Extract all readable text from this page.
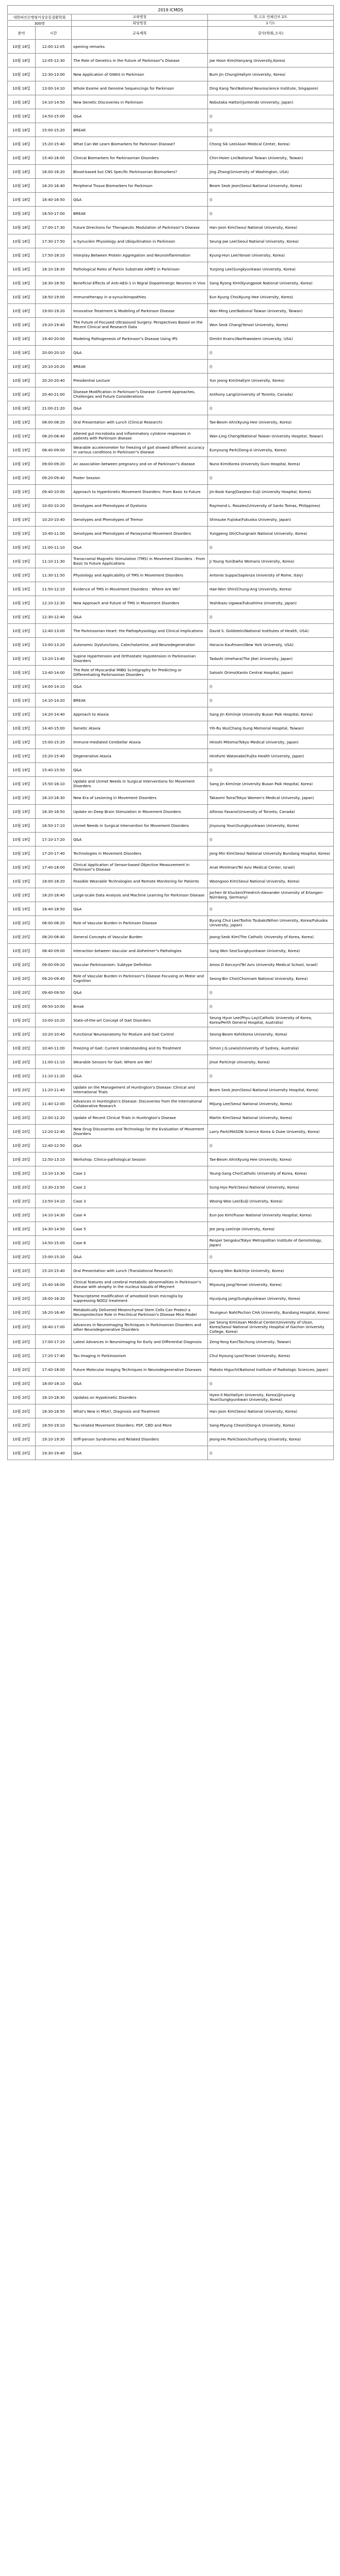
2019 ICMDS			
대한파킨슨병및이상운동질환학회		교육명칭	학.고요 연쇄건쓰 2트
300명		회당명칭	1기도
분야	시간	교육제목	강사(학회,소속)
10월 18일	12:00-12:05	opening remarks	
10월 18일	12:05-12:30	The Role of Genetics in the Future of Parkinson"s Disease	Jae Hoon Kim(Hanyang University,Korea)
10월 18일	12:30-13:00	New Application of GWAS in Parkinson	Bum Jin Chung(Hallym University, Korea)
10월 18일	13:00-14:10	Whole Exome and Genome Sequencings for Parkinson	Ding Kang Tan(National Neuroscience Institute, Singapore)
10월 18일	14:10-14:50	New Genetic Discoveries in Parkinson	Nobutaka Hattori(Juntendo University, Japan)
10월 18일	14:50-15:00	Q&A	()
10월 18일	15:00-15:20	BREAK	()
10월 18일	15:20-15:40	What Can We Learn Biomarkers for Parkinson Disease?	Chong Sik Lee(Asan Medical Center, Korea)
10월 18일	15:40-16:00	Clinical Biomarkers for Parkinsonian Disorders	Chin-Hsien Lin(National Taiwan University, Taiwan)
10월 18일	16:00-16:20	Blood-based but CNS Specific Parkinsonian Biomarkers?	Jing Zhang(University of Washington, USA)
10월 18일	16:20-16:40	Peripheral Tissue Biomarkers for Parkinson	Beom Seok Jeon(Seoul National University, Korea)
10월 18일	16:40-16:50	Q&A	()
10월 18일	16:50-17:00	BREAK	()
10월 18일	17:00-17:30	Future Directions for Therapeutic Modulation of Parkinson"s Disease	Han-Joon Kim(Seoul National University, Korea)
10월 18일	17:30-17:50	α-Synuclein Physiology and Ubiquitination in Parkinson	Seung-Jae Lee(Seoul National University, Korea)
10월 18일	17:50-18:10	Interplay Between Protein Aggregation and Neuroinflammation	Kyung-Hun Lee(Yonsei University, Korea)
10월 18일	18:10-18:30	Pathological Roles of Parkin Substrate AIMP2 in Parkinson	Yunjong Lee(Sungkyunkwan University, Korea)
10월 18일	18:30-18:50	Beneficial Effects of Anti-AEG-1 in Nigral Dopaminergic Neurons in Vivo	Sang Ryong Kim(Kyungpook National University, Korea)
10월 18일	18:50-19:00	Immunotherapy in α-synucleinopathies	Eun Kyung Cho(Kyung Hee University, Korea)
10월 18일	19:00-19:20	Innovative Treatment & Modeling of Parkinson Disease	Wan-Ming Lee(National Taiwan University, Taiwan)
10월 18일	19:20-19:40	The Future of Focused Ultrasound Surgery: Perspectives Based on the Recent Clinical and Research Data	Won Seok Chang(Yonsei University, Korea)
10월 18일	19:40-20:00	Modeling Pathogenesis of Parkinson"s Disease Using iPS	Dimitri Krainc(Northwestern University, USA)
10월 18일	20:00-20:10	Q&A	()
10월 18일	20:10-20:20	BREAK	()
10월 18일	20:20-20:40	Presidential Lecture	Yun Joong Kim(Hallym University, Korea)
10월 18일	20:40-21:00	Disease Modification in Parkinson"s Disease: Current Approaches, Challenges and Future Considerations	Anthony Lang(University of Toronto, Canada)
10월 18일	21:00-21:20	Q&A	()
10월 19일	08:00-08:20	Oral Presentation with Lunch (Clinical Research)	Tae-Beom Ahn(Kyung Hee University, Korea)
10월 19일	08:20-08:40	Altered gut microbiota and inflammatory cytokine responses in patients with Parkinson disease	Wan-Ling Cheng(National Taiwan University Hospital, Taiwan)
10월 19일	08:40-09:00	Wearable accelerometer for freezing of gait showed different accuracy in various conditions in Parkinson"s disease	Eunyoung Park(Dong-A University, Korea)
10월 19일	09:00-09:20	An association between pregnancy and on of Parkinson"s disease	Nuno Kim(Korea University Guro Hospital, Korea)
10월 19일	09:20-09:40	Poster Session	()
10월 19일	09:40-10:00	Approach to Hyperkinetic Movement Disorders: From Basic to Future	Jin-Kook Kang(Daejeon Eulji University Hospital, Korea)
10월 19일	10:00-10:20	Genotypes and Phenotypes of Dystonia	Raymond L. Rosales(University of Santo Tomas, Philippines)
10월 19일	10:20-10:40	Genotypes and Phenotypes of Tremor	Shinsuke Fujioka(Fukuoka University, Japan)
10월 19일	10:40-11:00	Genotypes and Phenotypes of Paroxysmal Movement Disorders	Yungpeng Shi(Chungnam National University, Korea)
10월 19일	11:00-11:10	Q&A	()
10월 19일	11:10-11:30	Transcranial Magnetic Stimulation (TMS) in Movement Disorders : From Basic to Future Applications	Ji Young Yun(Ewha Womans University, Korea)
10월 19일	11:30-11:50	Physiology and Applicability of TMS in Movement Disorders	Antonio Suppa(Sapienza University of Rome, Italy)
10월 19일	11:50-12:10	Evidence of TMS in Movement Disorders : Where Are We?	Hae-Won Shin(Chung-Ang University, Korea)
10월 19일	12:10-12:30	New Approach and Future of TMS in Movement Disorders	Yoshikazu Ugawa(Fukushima University, Japan)
10월 19일	12:30-12:40	Q&A	()
10월 19일	12:40-13:00	The Parkinsonian Heart: the Pathophysiology and Clinical Implications	David S. Goldstein(National Institutes of Health, USA)
10월 19일	13:00-13:20	Autonomic Dysfunctions, Catecholamine, and Neurodegeneration	Horacio Kaufmann(New York University, USA)
10월 19일	13:20-13:40	Supine Hypertension and Orthostatic Hypotension in Parkinsonian Disorders	Tadashi Umehara(The Jikei University, Japan)
10월 19일	13:40-14:00	The Role of Myocardial MIBG Scintigraphy for Predicting or Differentiating Parkinsonian Disorders	Satoshi Orimo(Kanto Central Hospital, Japan)
10월 19일	14:00-14:10	Q&A	()
10월 19일	14:10-14:20	BREAK	()
10월 19일	14:20-14:40	Approach to Ataxia	Sang Jin Kim(Inje University Busan Paik Hospital, Korea)
10월 19일	14:40-15:00	Genetic Ataxia	Yih-Ru Wu(Chang Gung Memorial Hospital, Taiwan)
10월 19일	15:00-15:20	Immune-mediated Cerebellar Ataxia	Hiroshi Mitoma(Tokyo Medical University, Japan)
10월 19일	15:20-15:40	Degenerative Ataxia	Hirofumi Watanabe(Fujita Health University, Japan)
10월 19일	15:40-15:50	Q&A	()
10월 19일	15:50-16:10	Update and Unmet Needs in Surgical Interventions for Movement Disorders	Sang Jin Kim(Inje University Busan Paik Hospital, Korea)
10월 19일	16:10-16:30	New Era of Lesioning in Movement Disorders	Takaomi Taira(Tokyo Women's Medical University, Japan)
10월 19일	16:30-16:50	Update on Deep Brain Stimulation in Movement Disorders	Alfonso Fasano(University of Toronto, Canada)
10월 19일	16:50-17:10	Unmet Needs in Surgical Intervention for Movement Disorders	Jinyoung Youn(Sungkyunkwan University, Korea)
10월 19일	17:10-17:20	Q&A	()
10월 19일	17:20-17:40	Technologies in Movement Disorders	Jong Min Kim(Seoul National University Bundang Hospital, Korea)
10월 19일	17:40-18:00	Clinical Application of Sensor-based Objective Measurement in Parkinson"s Disease	Anat Mirelman(Tel Aviv Medical Center, Israel)
10월 19일	18:00-18:20	Feasible Wearable Technologies and Remote Monitoring for Patients	Woongsoo Kim(Seoul National University, Korea)
10월 19일	18:20-18:40	Large-scale Data Analysis and Machine Learning for Parkinson Disease	Jochen W Klucken(Friedrich-Alexander University of Erlangen-Nürnberg, Germany)
10월 19일	18:40-18:50	Q&A	()
10월 20일	08:00-08:20	Role of Vascular Burden in Parkinson Disease	Byung Chul Lee(Toshio Tsubaki/Nihon University, Korea/Fukuoka University, Japan)
10월 20일	08:20-08:40	General Concepts of Vascular Burden	Joong-Seok Kim(The Catholic University of Korea, Korea)
10월 20일	08:40-09:00	Interaction between Vascular and Alzheimer"s Pathologies	Sang Won Seo(Sungkyunkwan University, Korea)
10월 20일	09:00-09:20	Vascular Parkinsonism: Subtype Definition	Amos D Korczyn(Tel Aviv University Medical School, Israel)
10월 20일	09:20-09:40	Role of Vascular Burden in Parkinson"s Disease Focusing on Motor and Cognition	Seong-Bin Choi(Chonnam National University, Korea)
10월 20일	09:40-09:50	Q&A	()
10월 20일	09:50-10:00	Break	()
10월 20일	10:00-10:20	State-of-the-art Concept of Gait Disorders	Seung Hyun Lee(Phyu Lay(Catholic University of Korea, Korea/Perth General Hospital, Australia)
10월 20일	10:20-10:40	Functional Neuroanatomy for Posture and Gait Control	Seong-Beom Koh(Korea University, Korea)
10월 20일	10:40-11:00	Freezing of Gait: Current Understanding and Its Treatment	Simon J.G.Lewis(University of Sydney, Australia)
10월 20일	11:00-11:10	Wearable Sensors for Gait: Where are We?	Jinse Park(Inje University, Korea)
10월 20일	11:10-11:20	Q&A	()
10월 20일	11:20-11:40	Update on the Management of Huntington's Disease: Clinical and International Trials	Beom Seok Jeon(Seoul National University Hospital, Korea)
10월 20일	11:40-12:00	Advances in Huntington's Disease: Discoveries from the International Collaborative Research	Mijung Lee(Seoul National University, Korea)
10월 20일	12:00-12:20	Update of Recent Clinical Trials in Huntington's Disease	Martin Kim(Seoul National University, Korea)
10월 20일	12:20-12:40	New Drug Discoveries and Technology for the Evaluation of Movement Disorders	Larry Park(MASON Science Korea & Duke University, Korea)
10월 20일	12:40-12:50	Q&A	()
10월 20일	12:50-13:10	Workshop: Clinico-pathological Session	Tae-Beom Ahn(Kyung Hee University, Korea)
10월 20일	13:10-13:30	Case 1	Young-Sang Cho(Catholic University of Korea, Korea)
10월 20일	13:30-13:50	Case 2	Sung-Hyo Park(Seoul National University, Korea)
10월 20일	13:50-14:10	Case 3	Woong-Woo Lee(Eulji University, Korea)
10월 20일	14:10-14:30	Case 4	Eun-Joo Kim(Pusan National University Hospital, Korea)
10월 20일	14:30-14:50	Case 5	Jee Jang Lee(Inje University, Korea)
10월 20일	14:50-15:00	Case 6	Renpei Sengoku(Tokyo Metropolitan Institute of Gerontology, Japan)
10월 20일	15:00-15:20	Q&A	()
10월 20일	15:20-15:40	Oral Presentation with Lunch (Translational Research)	Kyoung-Won Baik(Inje University, Korea)
10월 20일	15:40-16:00	Clinical features and cerebral metabolic abnormalities in Parkinson"s disease with atrophy in the nucleus basalis of Meynert	Miyoung Jang(Yonsei University, Korea)
10월 20일	16:00-16:20	Transcriptome modification of amoeboid brain microglia by suppressing NOD2 treatment	Hyunjung Jang(Sungkyunkwan University, Korea)
10월 20일	16:20-16:40	Metabolically Delivered Mesenchymal Stem Cells Can Protect a Neuroprotective Role in Preclinical Parkinson's Disease Mice Model	Youngeun Nah(Pochon CHA University, Bundang Hospital, Korea)
10월 20일	16:40-17:00	Advances in Neuroimaging Techniques in Parkinsonian Disorders and other Neurodegenerative Disorders	Jae Seung Kim(Asan Medical Center/University of Ulsan, Korea/Seoul National University Hospital of Gachon University College, Korea)
10월 20일	17:00-17:20	Latest Advances in Neuroimaging for Early and Differential Diagnosis	Zeng-Yong Kan(Taichung University, Taiwan)
10월 20일	17:20-17:40	Tau Imaging in Parkinsonism	Chul Hyoung Lyoo(Yonsei University, Korea)
10월 20일	17:40-18:00	Future Molecular Imaging Techniques in Neurodegenerative Diseases	Makoto Higuchi(National Institute of Radiologic Sciences, Japan)
10월 20일	18:00-18:10	Q&A	()
10월 20일	18:10-18:30	Updates on Hypokinetic Disorders	Hyeo-Il Ma(Hallym University, Korea)/Jinyoung Youn(Sungkyunkwan University, Korea)
10월 20일	18:30-18:50	What's New in MSA?, Diagnosis and Treatment	Han-Joon Kim(Seoul National University, Korea)
10월 20일	18:50-19:10	Tau-related Movement Disorders: PSP, CBD and More	Sang-Myung Cheon(Dong-A University, Korea)
10월 20일	19:10-19:30	Stiff-person Syndromes and Related Disorders	Jeong-Ho Park(Soonchunhyang University, Korea)
10월 20일	19:30-19:40	Q&A	()
